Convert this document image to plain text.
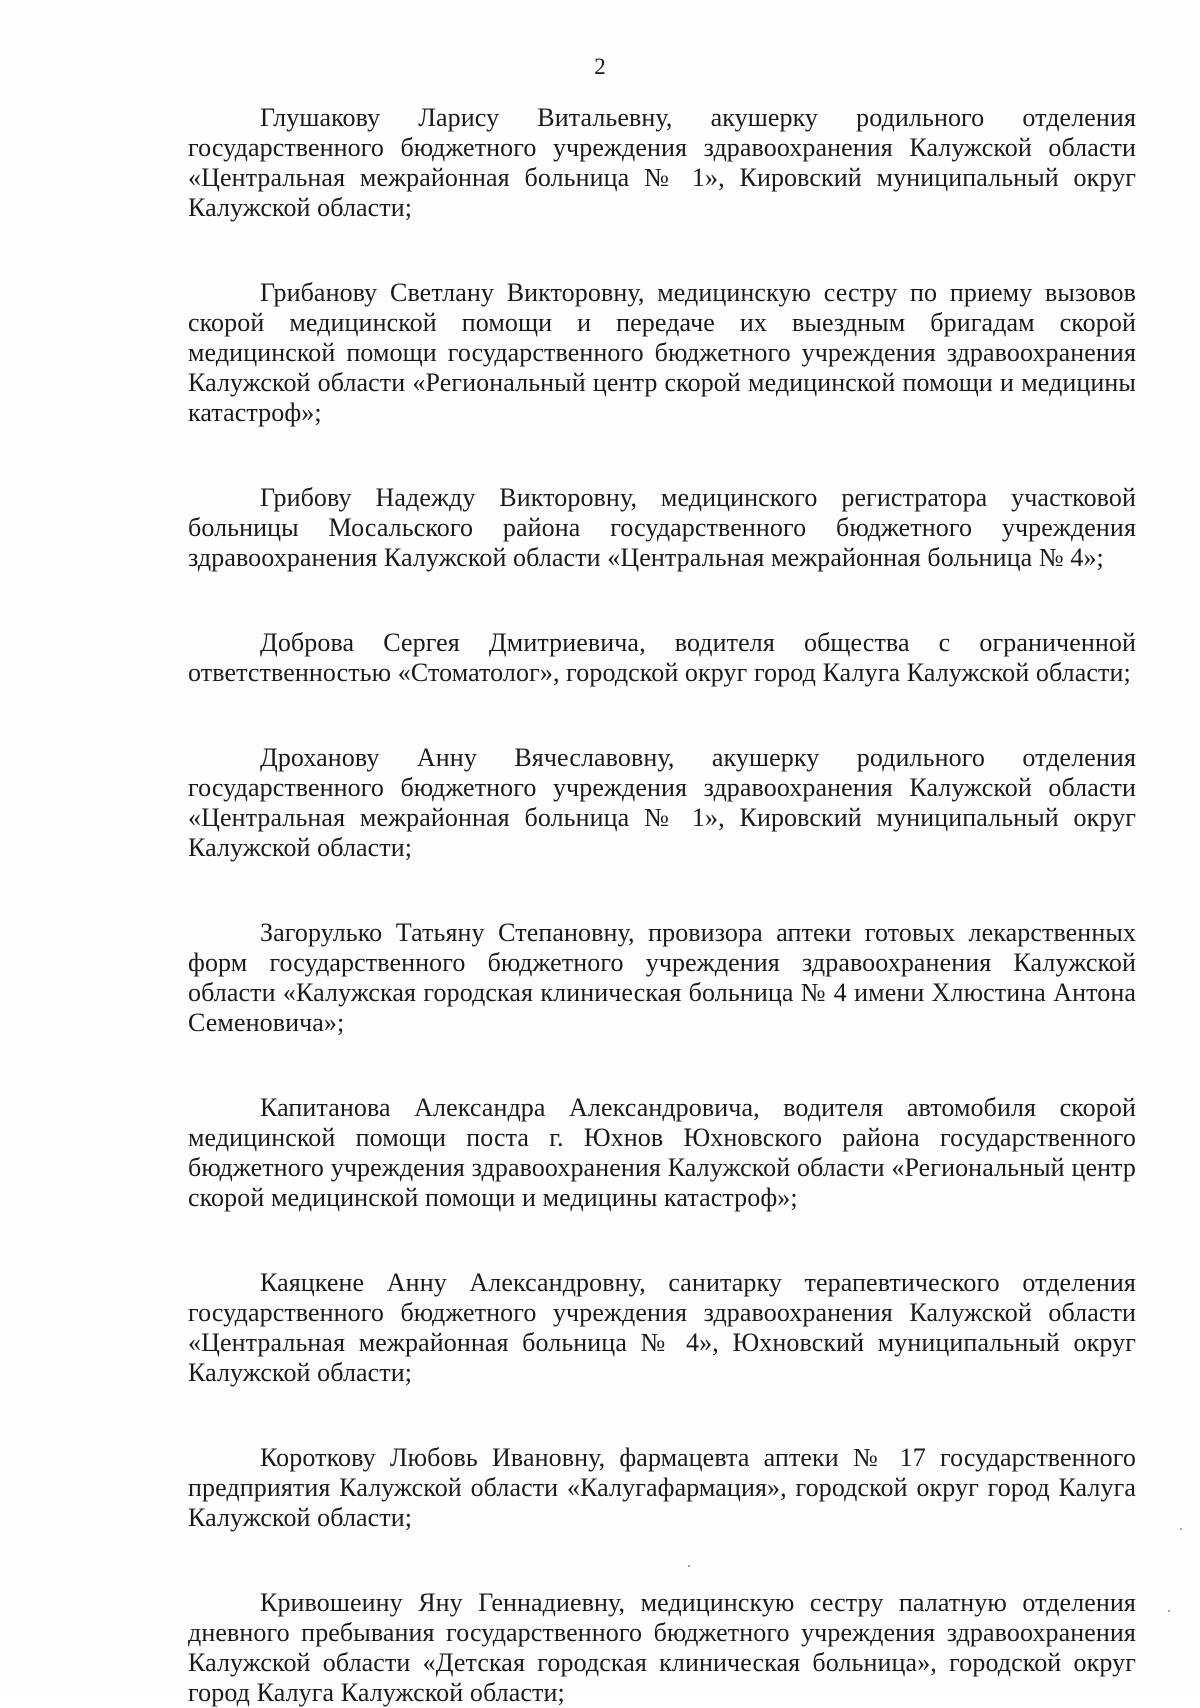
2

Глушакову Ларису Витальевну, акушерку родильного отделения государственного бюджетного учреждения здравоохранения Калужской области «Центральная межрайонная больница № 1», Кировский муниципальный округ Калужской области;

Грибанову Светлану Викторовну, медицинскую сестру по приему вызовов скорой медицинской помощи и передаче их выездным бригадам скорой медицинской помощи государственного бюджетного учреждения здравоохранения Калужской области «Региональный центр скорой медицинской помощи и медицины катастроф»;

Грибову Надежду Викторовну, медицинского регистратора участковой больницы Мосальского района государственного бюджетного учреждения здравоохранения Калужской области «Центральная межрайонная больница № 4»;

Доброва Сергея Дмитриевича, водителя общества с ограниченной ответственностью «Стоматолог», городской округ город Калуга Калужской области;

Дроханову Анну Вячеславовну, акушерку родильного отделения государственного бюджетного учреждения здравоохранения Калужской области «Центральная межрайонная больница № 1», Кировский муниципальный округ Калужской области;

Загорулько Татьяну Степановну, провизора аптеки готовых лекарственных форм государственного бюджетного учреждения здравоохранения Калужской области «Калужская городская клиническая больница № 4 имени Хлюстина Антона Семеновича»;

Капитанова Александра Александровича, водителя автомобиля скорой медицинской помощи поста г. Юхнов Юхновского района государственного бюджетного учреждения здравоохранения Калужской области «Региональный центр скорой медицинской помощи и медицины катастроф»;

Каяцкене Анну Александровну, санитарку терапевтического отделения государственного бюджетного учреждения здравоохранения Калужской области «Центральная межрайонная больница № 4», Юхновский муниципальный округ Калужской области;

Короткову Любовь Ивановну, фармацевта аптеки № 17 государственного предприятия Калужской области «Калугафармация», городской округ город Калуга Калужской области;

Кривошеину Яну Геннадиевну, медицинскую сестру палатную отделения дневного пребывания государственного бюджетного учреждения здравоохранения Калужской области «Детская городская клиническая больница», городской округ город Калуга Калужской области;
